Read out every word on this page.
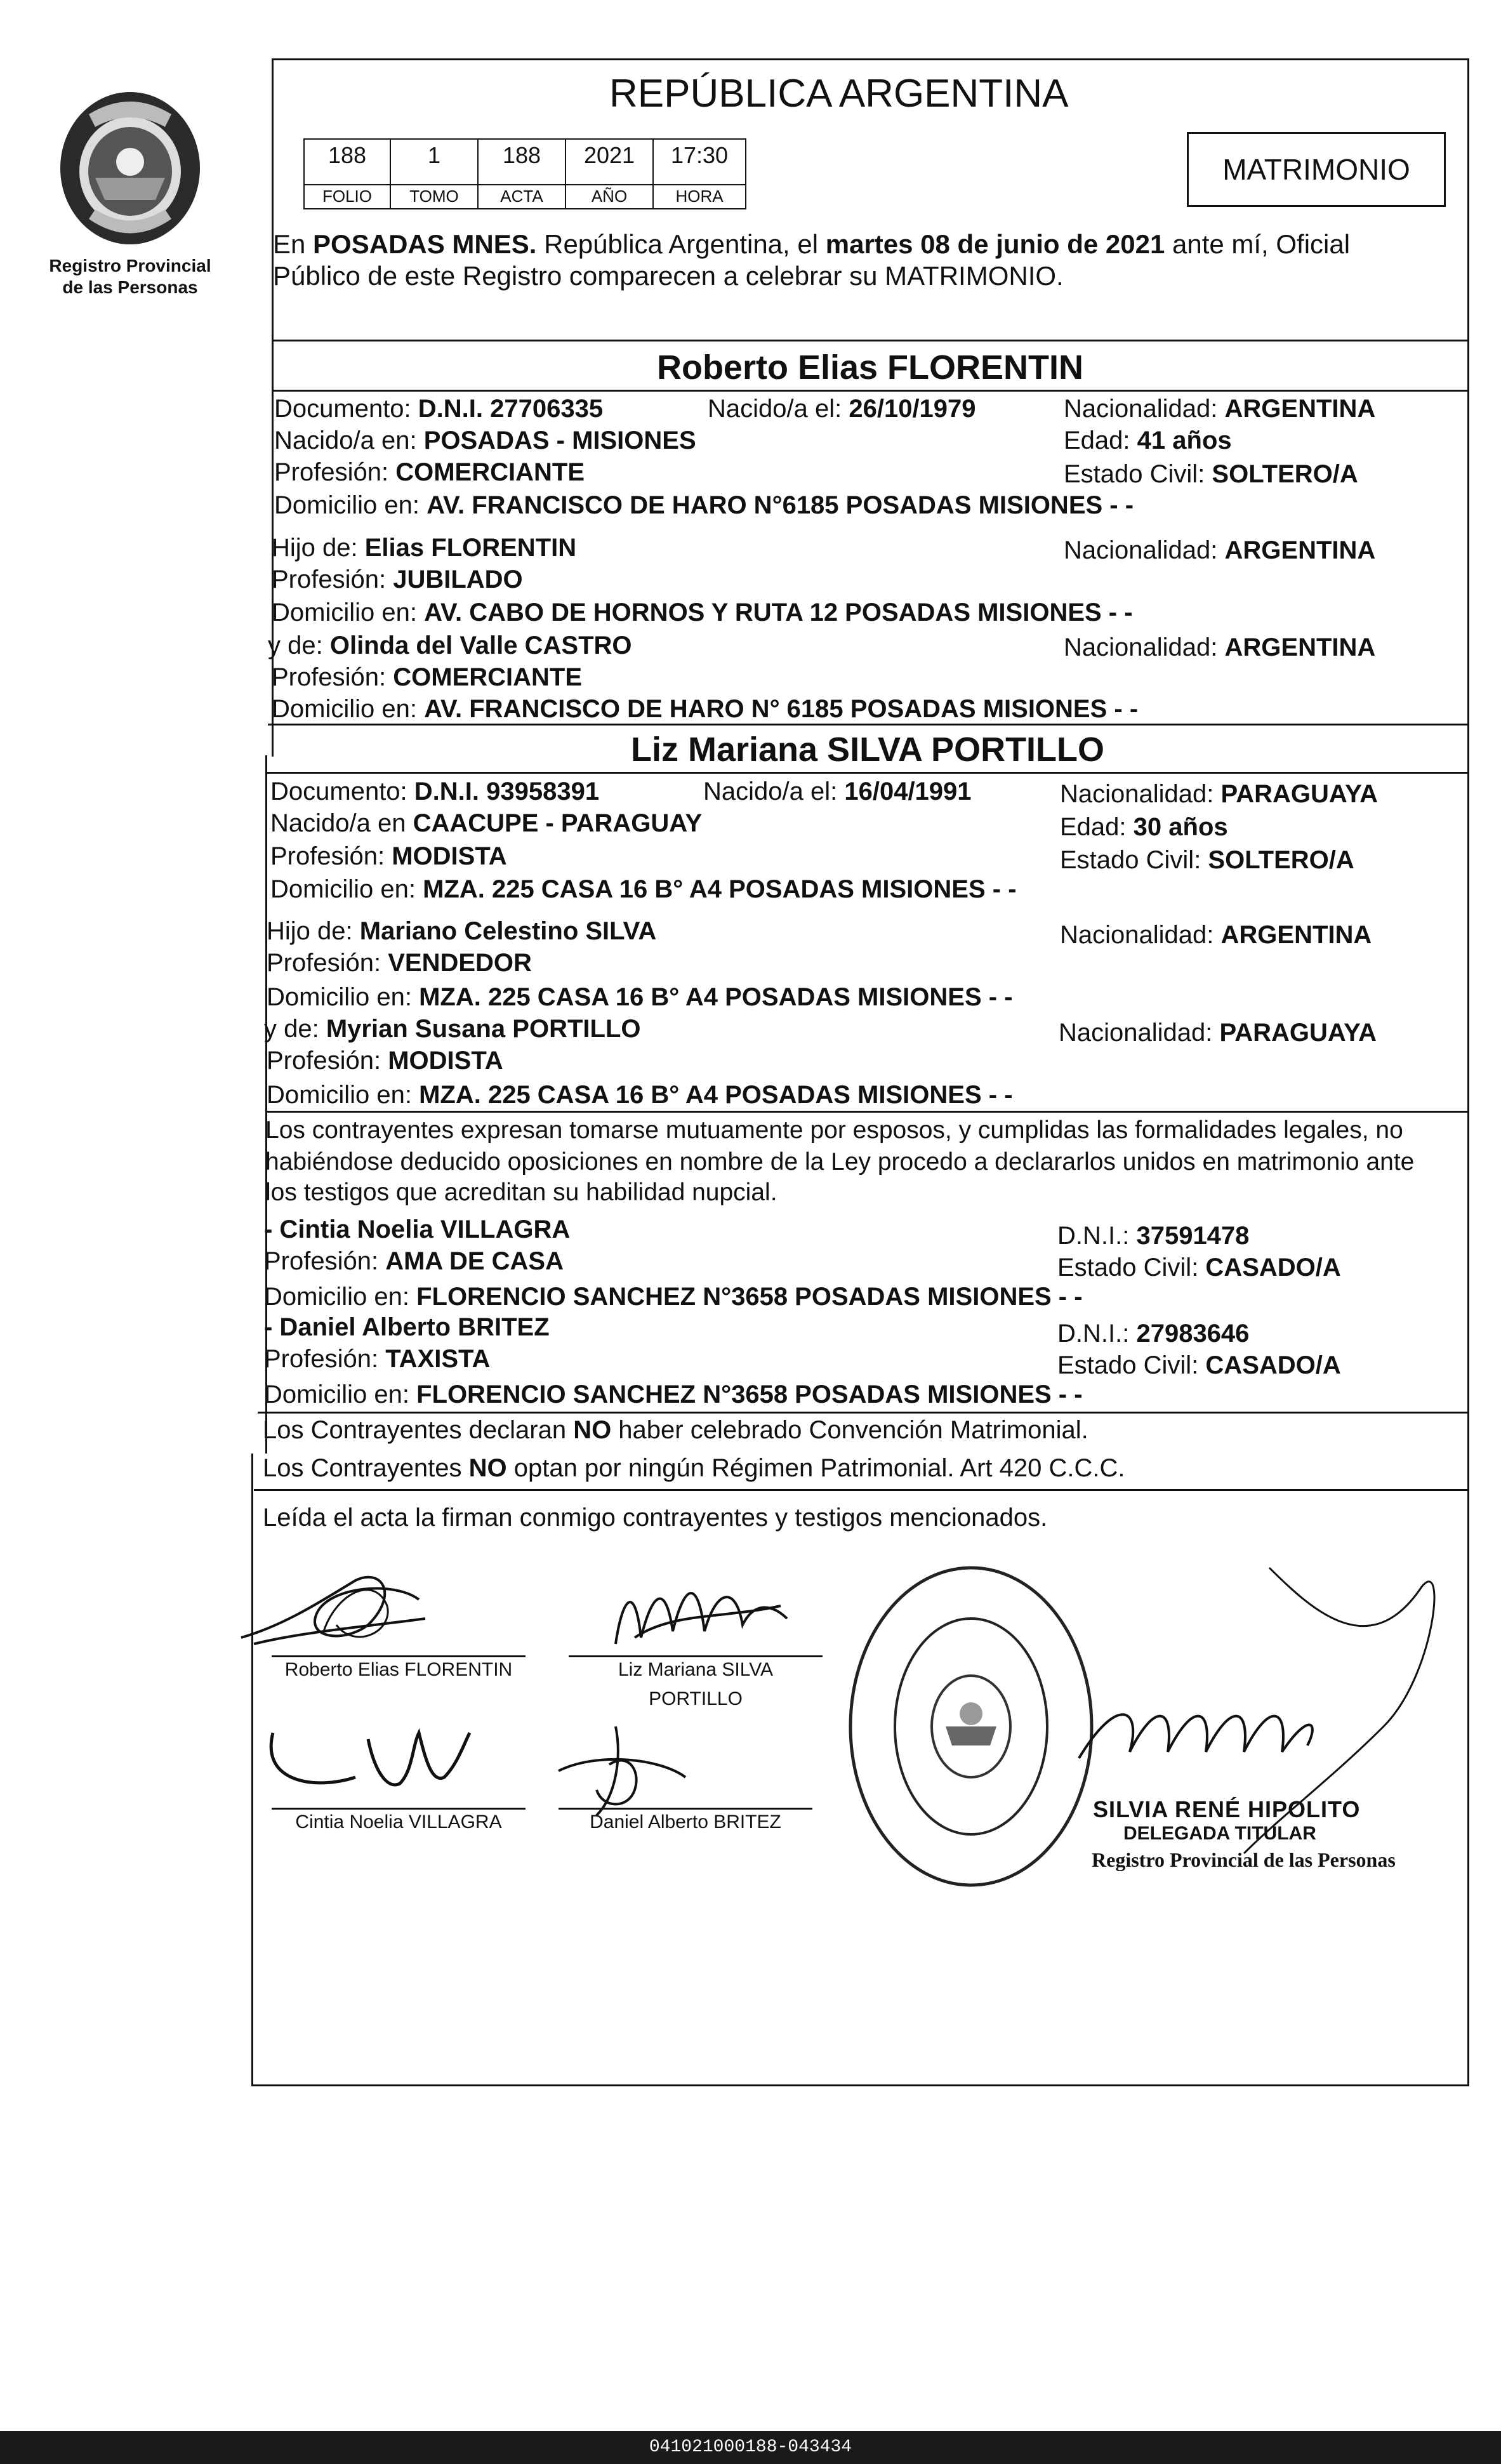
Registro Provincial
de las Personas
REPÚBLICA ARGENTINA
188	1	188	2021	17:30
FOLIO	TOMO	ACTA	AÑO	HORA
MATRIMONIO
En POSADAS MNES. República Argentina, el martes 08 de junio de 2021 ante mí, Oficial
Público de este Registro comparecen a celebrar su MATRIMONIO.
Roberto Elias FLORENTIN
Documento: D.N.I. 27706335	Nacido/a el: 26/10/1979	Nacionalidad: ARGENTINA
Nacido/a en: POSADAS - MISIONES	Edad: 41 años
Profesión: COMERCIANTE	Estado Civil: SOLTERO/A
Domicilio en: AV. FRANCISCO DE HARO N°6185 POSADAS MISIONES - -
Hijo de: Elias FLORENTIN	Nacionalidad: ARGENTINA
Profesión: JUBILADO
Domicilio en: AV. CABO DE HORNOS Y RUTA 12 POSADAS MISIONES - -
y de: Olinda del Valle CASTRO	Nacionalidad: ARGENTINA
Profesión: COMERCIANTE
Domicilio en: AV. FRANCISCO DE HARO N° 6185 POSADAS MISIONES - -
Liz Mariana SILVA PORTILLO
Documento: D.N.I. 93958391	Nacido/a el: 16/04/1991	Nacionalidad: PARAGUAYA
Nacido/a en CAACUPE - PARAGUAY	Edad: 30 años
Profesión: MODISTA	Estado Civil: SOLTERO/A
Domicilio en: MZA. 225 CASA 16 B° A4 POSADAS MISIONES - -
Hijo de: Mariano Celestino SILVA	Nacionalidad: ARGENTINA
Profesión: VENDEDOR
Domicilio en: MZA. 225 CASA 16 B° A4 POSADAS MISIONES - -
y de: Myrian Susana PORTILLO	Nacionalidad: PARAGUAYA
Profesión: MODISTA
Domicilio en: MZA. 225 CASA 16 B° A4 POSADAS MISIONES - -
Los contrayentes expresan tomarse mutuamente por esposos, y cumplidas las formalidades legales, no
habiéndose deducido oposiciones en nombre de la Ley procedo a declararlos unidos en matrimonio ante
los testigos que acreditan su habilidad nupcial.
- Cintia Noelia VILLAGRA	D.N.I.: 37591478
Profesión: AMA DE CASA	Estado Civil: CASADO/A
Domicilio en: FLORENCIO SANCHEZ N°3658 POSADAS MISIONES - -
- Daniel Alberto BRITEZ	D.N.I.: 27983646
Profesión: TAXISTA	Estado Civil: CASADO/A
Domicilio en: FLORENCIO SANCHEZ N°3658 POSADAS MISIONES - -
Los Contrayentes declaran NO haber celebrado Convención Matrimonial.
Los Contrayentes NO optan por ningún Régimen Patrimonial. Art 420 C.C.C.
Leída el acta la firman conmigo contrayentes y testigos mencionados.
Roberto Elias FLORENTIN	Liz Mariana SILVA
PORTILLO
Cintia Noelia VILLAGRA	Daniel Alberto BRITEZ	SILVIA RENÉ HIPOLITO
DELEGADA TITULAR
Registro Provincial de las Personas
041021000188-043434
